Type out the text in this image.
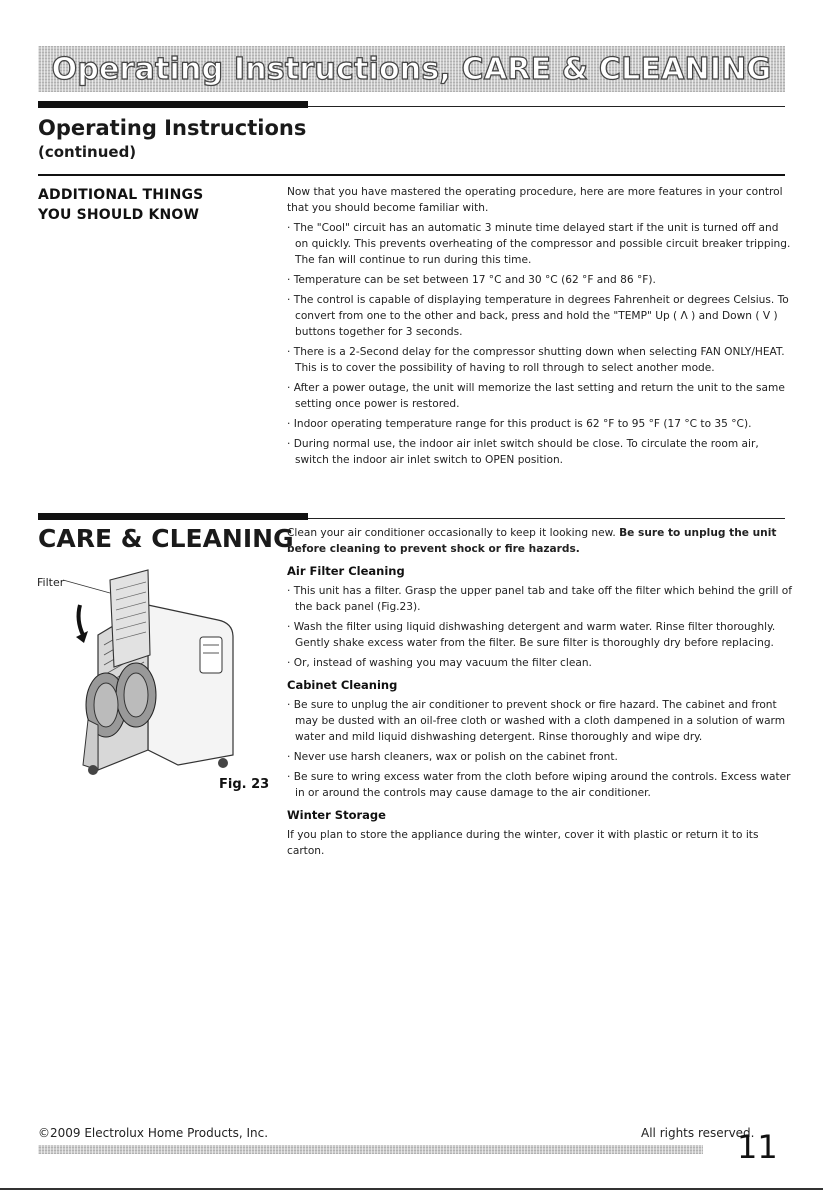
Operating Instructions, CARE & CLEANING
Operating Instructions
(continued)
ADDITIONAL THINGS
YOU SHOULD KNOW

Now that you have mastered the operating procedure, here are more features in your control that you should become familiar with.

· The "Cool" circuit has an automatic 3 minute time delayed start if the unit is turned off and on quickly. This prevents overheating of the compressor and possible circuit breaker tripping. The fan will continue to run during this time.

· Temperature can be set between 17 °C and 30 °C (62 °F and 86 °F).

· The control is capable of displaying temperature in degrees Fahrenheit or degrees Celsius. To convert from one to the other and back, press and hold the "TEMP" Up ( Λ ) and Down ( V ) buttons together for 3 seconds.

· There is a 2-Second delay for the compressor shutting down when selecting FAN ONLY/HEAT. This is to cover the possibility of having to roll through to select another mode.

· After a power outage, the unit will memorize the last setting and return the unit to the same setting once power is restored.

· Indoor operating temperature range for this product is 62 °F to 95 °F (17 °C to 35 °C).

· During normal use, the indoor air inlet switch should be close. To circulate the room air, switch the indoor air inlet switch to OPEN position.

CARE & CLEANING
Filter
Fig. 23

Clean your air conditioner occasionally to keep it looking new. Be sure to unplug the unit before cleaning to prevent shock or fire hazards.

Air Filter Cleaning

· This unit has a filter. Grasp the upper panel tab and take off the filter which behind the grill of the back panel (Fig.23).

· Wash the filter using liquid dishwashing detergent and warm water. Rinse filter thoroughly. Gently shake excess water from the filter. Be sure filter is thoroughly dry before replacing.

· Or, instead of washing you may vacuum the filter clean.

Cabinet Cleaning

· Be sure to unplug the air conditioner to prevent shock or fire hazard. The cabinet and front may be dusted with an oil-free cloth or washed with a cloth dampened in a solution of warm water and mild liquid dishwashing detergent. Rinse thoroughly and wipe dry.

· Never use harsh cleaners, wax or polish on the cabinet front.

· Be sure to wring excess water from the cloth before wiping around the controls. Excess water in or around the controls may cause damage to the air conditioner.

Winter Storage

If you plan to store the appliance during the winter, cover it with plastic or return it to its carton.

©2009 Electrolux Home Products, Inc.	All rights reserved.
11
